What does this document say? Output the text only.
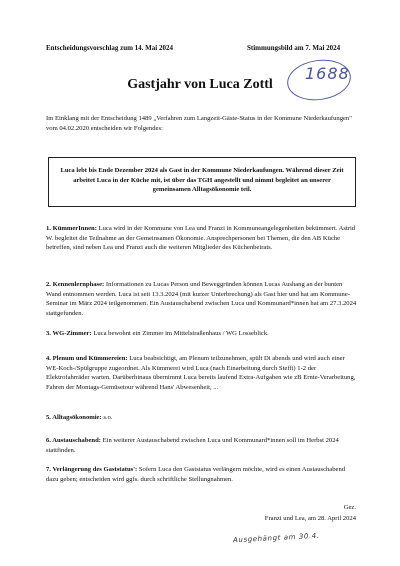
Entscheidungsvorschlag zum 14. Mai 2024	Stimmungsbild am 7. Mai 2024
1688
Gastjahr von Luca Zottl
Im Einklang mit der Entscheidung 1489 „Verfahren zum Langzeit-Gäste-Status in der Kommune Niederkaufungen" vom 04.02.2020 entscheiden wir Folgendes:
Luca lebt bis Ende Dezember 2024 als Gast in der Kommune Niederkaufungen. Während dieser Zeit arbeitet Luca in der Küche mit, ist über das TGH angestellt und nimmt begleitet an unserer gemeinsamen Alltagsökonomie teil.
1. KümmerInnen: Luca wird in der Kommune von Lea und Franzi in Kommuneangelegenheiten bekümmert. Astrid W. begleitet die Teilnahme an der Gemeinsamen Ökonomie. Ansprechpersonen bei Themen, die den AB Küche betreffen, sind neben Lea und Franzi auch die weiteren Mitglieder des Küchenbeirats.
2. Kennenlernphase: Informationen zu Lucas Person und Beweggründen können Lucas Aushang an der bunten Wand entnommen werden. Luca ist seit 13.3.2024 (mit kurzer Unterbrechung) als Gast hier und hat am Kommune-Seminar im März 2024 teilgenommen. Ein Austauschabend zwischen Luca und Kommunard*innen hat am 27.3.2024 stattgefunden.
3. WG-Zimmer: Luca bewohnt ein Zimmer im Mittelstraßenhaus / WG Losseblick.
4. Plenum und Kümmereien: Luca beabsichtigt, am Plenum teilzunehmen, spült Di abends und wird auch einer WE-Koch-/Spülgruppe zugeordnet. Als Kümmerei wird Luca (nach Einarbeitung durch Steffi) 1-2 der Elektrofahrräder warten. Darüberhinaus übernimmt Luca bereits laufend Extra-Aufgaben wie zB Ernte-Verarbeitung, Fahren der Montags-Gemüsetour während Hans' Abwesenheit, ...
5. Alltagsökonomie: s.o.
6. Austauschabend: Ein weiterer Austauschabend zwischen Luca und Kommunard*innen soll im Herbst 2024 stattfinden.
7. Verlängerung des Gaststatus': Sofern Luca den Gaststatus verlängern möchte, wird es einen Austauschabend dazu geben; entscheiden wird ggfs. durch schriftliche Stellungnahmen.
Gez.
Franzi und Lea, am 28. April 2024
Ausgehängt am 30.4.
